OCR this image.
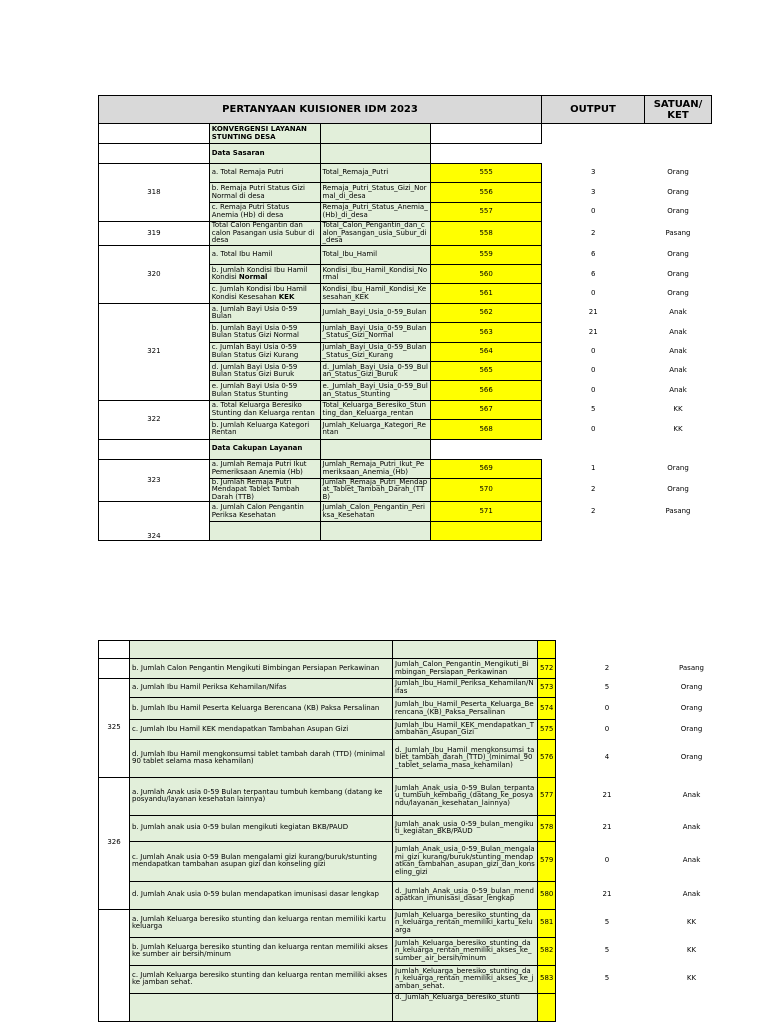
PERTANYAAN KUISIONER IDM 2023				OUTPUT	SATUAN/ KET
	KONVERGENSI LAYANAN STUNTING DESA				
	Data Sasaran				
318	a. Total Remaja Putri	Total_Remaja_Putri	555	3	Orang
	b. Remaja Putri Status Gizi Normal di desa	Remaja_Putri_Status_Gizi_Normal_di_desa	556	3	Orang
	c. Remaja Putri Status Anemia (Hb) di desa	Remaja_Putri_Status_Anemia_(Hb)_di_desa	557	0	Orang
319	Total Calon Pengantin dan calon Pasangan usia Subur di desa	Total_Calon_Pengantin_dan_calon_Pasangan_usia_Subur_di_desa	558	2	Pasang
320	a. Total Ibu Hamil	Total_Ibu_Hamil	559	6	Orang
	b. Jumlah Kondisi Ibu Hamil Kondisi Normal	Kondisi_Ibu_Hamil_Kondisi_Normal	560	6	Orang
	c. Jumlah Kondisi Ibu Hamil Kondisi Kesesahan KEK	Kondisi_Ibu_Hamil_Kondisi_Kesesahan_KEK	561	0	Orang
321	a. Jumlah Bayi Usia 0-59 Bulan	Jumlah_Bayi_Usia_0-59_Bulan	562	21	Anak
	b. Jumlah Bayi Usia 0-59 Bulan Status Gizi Normal	Jumlah_Bayi_Usia_0-59_Bulan_Status_Gizi_Normal	563	21	Anak
	c. Jumlah Bayi Usia 0-59 Bulan Status Gizi Kurang	Jumlah_Bayi_Usia_0-59_Bulan_Status_Gizi_Kurang	564	0	Anak
	d. Jumlah Bayi Usia 0-59 Bulan Status Gizi Buruk	d._Jumlah_Bayi_Usia_0-59_Bulan_Status_Gizi_Buruk	565	0	Anak
	e. Jumlah Bayi Usia 0-59 Bulan Status Stunting	e._Jumlah_Bayi_Usia_0-59_Bulan_Status_Stunting	566	0	Anak
322	a. Total Keluarga Beresiko Stunting dan Keluarga rentan	Total_Keluarga_Beresiko_Stunting_dan_Keluarga_rentan	567	5	KK
	b. Jumlah Keluarga Kategori Rentan	Jumlah_Keluarga_Kategori_Rentan	568	0	KK
	Data Cakupan Layanan				
323	a. Jumlah Remaja Putri Ikut Pemeriksaan Anemia (Hb)	Jumlah_Remaja_Putri_Ikut_Pemeriksaan_Anemia_(Hb)	569	1	Orang
	b. Jumlah Remaja Putri Mendapat Tablet Tambah Darah (TTB)	Jumlah_Remaja_Putri_Mendapat_Tablet_Tambah_Darah_(TTB)	570	2	Orang
324	a. Jumlah Calon Pengantin Periksa Kesehatan	Jumlah_Calon_Pengantin_Periksa_Kesehatan	571	2	Pasang

	b. Jumlah Calon Pengantin Mengikuti Bimbingan Persiapan Perkawinan	Jumlah_Calon_Pengantin_Mengikuti_Bimbingan_Persiapan_Perkawinan	572	2	Pasang
325	a. Jumlah Ibu Hamil Periksa Kehamilan/Nifas	Jumlah_Ibu_Hamil_Periksa_Kehamilan/Nifas	573	5	Orang
	b. Jumlah Ibu Hamil Peserta Keluarga Berencana (KB) Paksa Persalinan	Jumlah_Ibu_Hamil_Peserta_Keluarga_Berencana_(KB)_Paksa_Persalinan	574	0	Orang
	c. Jumlah Ibu Hamil KEK mendapatkan Tambahan Asupan Gizi	Jumlah_Ibu_Hamil_KEK_mendapatkan_Tambahan_Asupan_Gizi	575	0	Orang
	d. Jumlah Ibu Hamil mengkonsumsi tablet tambah darah (TTD) (minimal 90 tablet selama masa kehamilan)	d._Jumlah_Ibu_Hamil_mengkonsumsi_tablet_tambah_darah_(TTD)_(minimal_90_tablet_selama_masa_kehamilan)	576	4	Orang
326	a. Jumlah Anak usia 0-59 Bulan terpantau tumbuh kembang (datang ke posyandu/layanan kesehatan lainnya)	Jumlah_Anak_usia_0-59_Bulan_terpantau_tumbuh_kembang_(datang_ke_posyandu/layanan_kesehatan_lainnya)	577	21	Anak
	b. Jumlah anak usia 0-59 bulan mengikuti kegiatan BKB/PAUD	Jumlah_anak_usia_0-59_bulan_mengikuti_kegiatan_BKB/PAUD	578	21	Anak
	c. Jumlah Anak usia 0-59 Bulan mengalami gizi kurang/buruk/stunting mendapatkan tambahan asupan gizi dan konseling gizi	Jumlah_Anak_usia_0-59_Bulan_mengalami_gizi_kurang/buruk/stunting_mendapatkan_tambahan_asupan_gizi_dan_konseling_gizi	579	0	Anak
	d. Jumlah Anak usia 0-59 bulan mendapatkan imunisasi dasar lengkap	d._Jumlah_Anak_usia_0-59_bulan_mendapatkan_imunisasi_dasar_lengkap	580	21	Anak
	a. Jumlah Keluarga beresiko stunting dan keluarga rentan memiliki kartu keluarga	Jumlah_Keluarga_beresiko_stunting_dan_keluarga_rentan_memiliki_kartu_keluarga	581	5	KK
	b. Jumlah Keluarga beresiko stunting dan keluarga rentan memiliki akses ke sumber air bersih/minum	Jumlah_Keluarga_beresiko_stunting_dan_keluarga_rentan_memiliki_akses_ke_sumber_air_bersih/minum	582	5	KK
	c. Jumlah Keluarga beresiko stunting dan keluarga rentan memiliki akses ke jamban sehat.	Jumlah_Keluarga_beresiko_stunting_dan_keluarga_rentan_memiliki_akses_ke_jamban_sehat.	583	5	KK
		d._Jumlah_Keluarga_beresiko_stunti			
